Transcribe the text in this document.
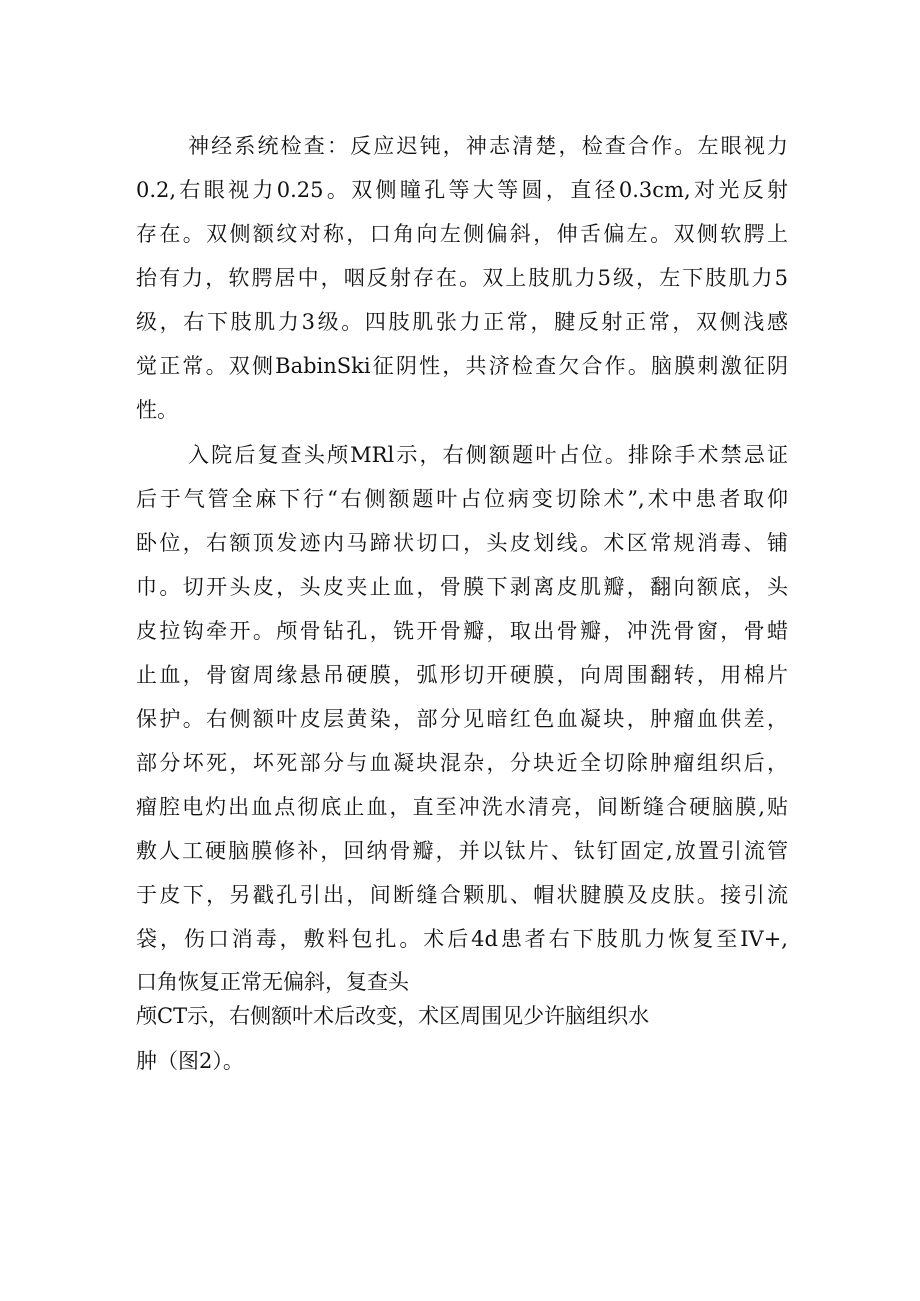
神经系统检查：反应迟钝，神志清楚，检查合作。左眼视力
0.2,右眼视力0.25。双侧瞳孔等大等圆，直径0.3cm,对光反射
存在。双侧额纹对称，口角向左侧偏斜，伸舌偏左。双侧软腭上
抬有力，软腭居中，咽反射存在。双上肢肌力5级，左下肢肌力5
级，右下肢肌力3级。四肢肌张力正常，腱反射正常，双侧浅感
觉正常。双侧BabinSki征阴性，共济检查欠合作。脑膜刺激征阴
性。
入院后复查头颅MRl示，右侧额题叶占位。排除手术禁忌证
后于气管全麻下行“右侧额题叶占位病变切除术”,术中患者取仰
卧位，右额顶发迹内马蹄状切口，头皮划线。术区常规消毒、铺
巾。切开头皮，头皮夹止血，骨膜下剥离皮肌瓣，翻向额底，头
皮拉钩牵开。颅骨钻孔，铣开骨瓣，取出骨瓣，冲洗骨窗，骨蜡
止血，骨窗周缘悬吊硬膜，弧形切开硬膜，向周围翻转，用棉片
保护。右侧额叶皮层黄染，部分见暗红色血凝块，肿瘤血供差，
部分坏死，坏死部分与血凝块混杂，分块近全切除肿瘤组织后，
瘤腔电灼出血点彻底止血，直至冲洗水清亮，间断缝合硬脑膜,贴
敷人工硬脑膜修补，回纳骨瓣，并以钛片、钛钉固定,放置引流管
于皮下，另戳孔引出，间断缝合颗肌、帽状腱膜及皮肤。接引流
袋，伤口消毒，敷料包扎。术后4d患者右下肢肌力恢复至IV+,
口角恢复正常无偏斜，复查头
颅CT示，右侧额叶术后改变，术区周围见少许脑组织水
肿（图2）。
